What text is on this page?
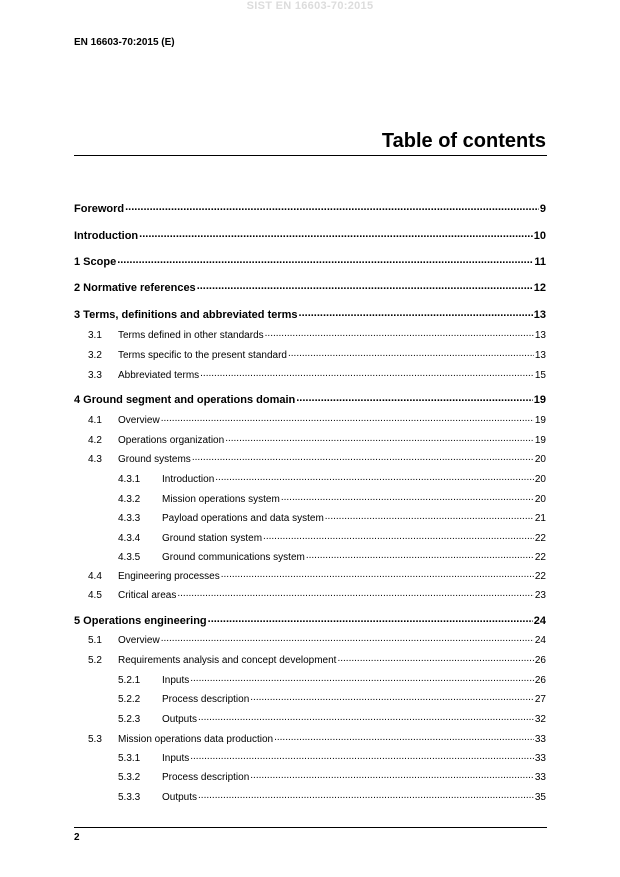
SIST EN 16603-70:2015
EN 16603-70:2015 (E)
Table of contents
Foreword .....	9
Introduction .....	10
1 Scope .....	11
2 Normative references .....	12
3 Terms, definitions and abbreviated terms .....	13
3.1	Terms defined in other standards .....	13
3.2	Terms specific to the present standard .....	13
3.3	Abbreviated terms .....	15
4 Ground segment and operations domain .....	19
4.1	Overview .....	19
4.2	Operations organization .....	19
4.3	Ground systems .....	20
4.3.1	Introduction .....	20
4.3.2	Mission operations system .....	20
4.3.3	Payload operations and data system .....	21
4.3.4	Ground station system .....	22
4.3.5	Ground communications system .....	22
4.4	Engineering processes .....	22
4.5	Critical areas .....	23
5 Operations engineering .....	24
5.1	Overview .....	24
5.2	Requirements analysis and concept development .....	26
5.2.1	Inputs .....	26
5.2.2	Process description .....	27
5.2.3	Outputs .....	32
5.3	Mission operations data production .....	33
5.3.1	Inputs .....	33
5.3.2	Process description .....	33
5.3.3	Outputs .....	35
2
